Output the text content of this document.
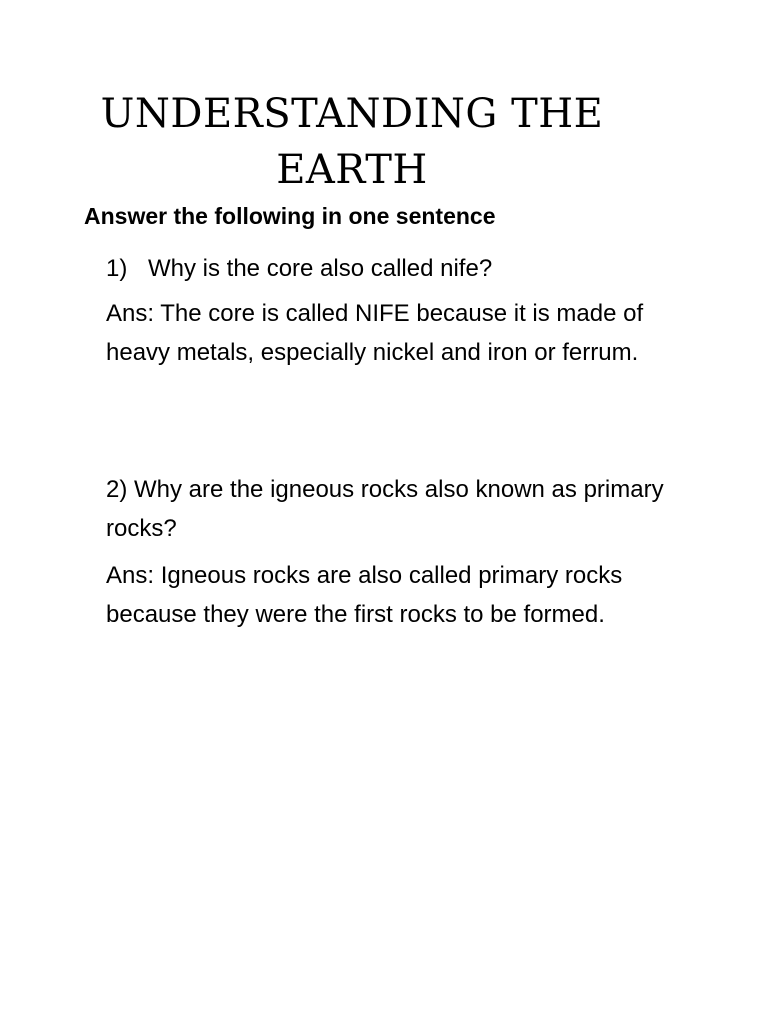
UNDERSTANDING THE
EARTH

Answer the following in one sentence

1) Why is the core also called nife?

Ans: The core is called NIFE because it is made of heavy metals, especially nickel and iron or ferrum.

2) Why are the igneous rocks also known as primary rocks?

Ans: Igneous rocks are also called primary rocks because they were the first rocks to be formed.
